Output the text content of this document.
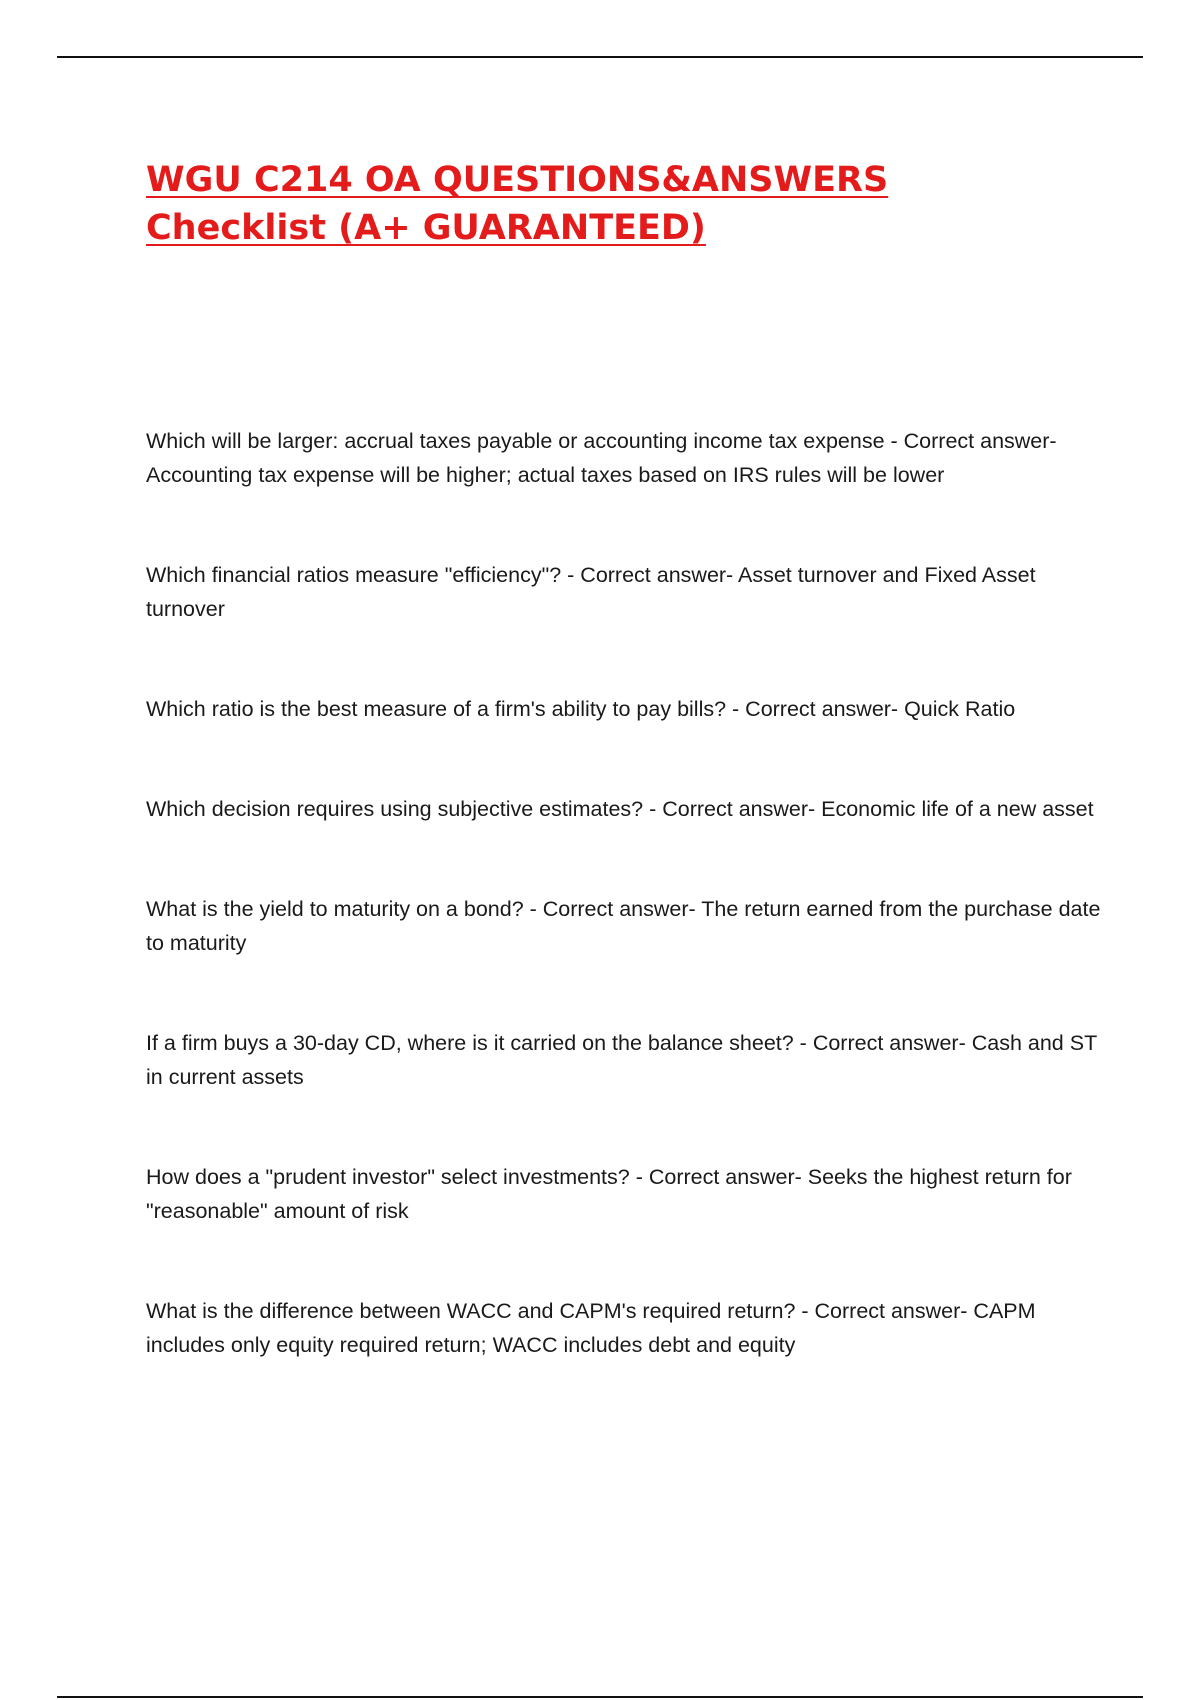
WGU C214 OA QUESTIONS&ANSWERS
Checklist (A+ GUARANTEED)
Which will be larger: accrual taxes payable or accounting income tax expense - Correct answer- Accounting tax expense will be higher; actual taxes based on IRS rules will be lower
Which financial ratios measure "efficiency"? - Correct answer- Asset turnover and Fixed Asset turnover
Which ratio is the best measure of a firm's ability to pay bills? - Correct answer- Quick Ratio
Which decision requires using subjective estimates? - Correct answer- Economic life of a new asset
What is the yield to maturity on a bond? - Correct answer- The return earned from the purchase date to maturity
If a firm buys a 30-day CD, where is it carried on the balance sheet? - Correct answer- Cash and ST in current assets
How does a "prudent investor" select investments? - Correct answer- Seeks the highest return for "reasonable" amount of risk
What is the difference between WACC and CAPM's required return? - Correct answer- CAPM includes only equity required return; WACC includes debt and equity
